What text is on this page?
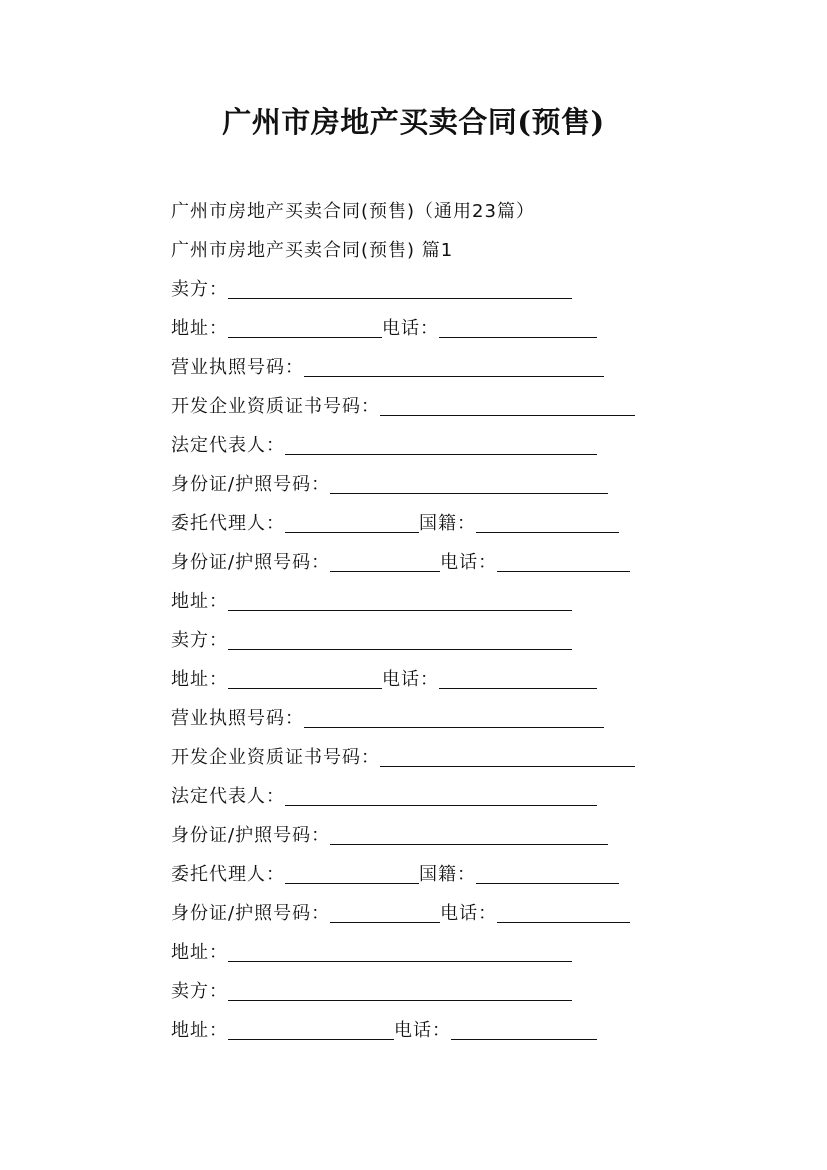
广州市房地产买卖合同(预售)
广州市房地产买卖合同(预售)（通用23篇）
广州市房地产买卖合同(预售) 篇1
卖方：
地址：	电话：
营业执照号码：
开发企业资质证书号码：
法定代表人：
身份证/护照号码：
委托代理人：	国籍：
身份证/护照号码：	电话：
地址：
卖方：
地址：	电话：
营业执照号码：
开发企业资质证书号码：
法定代表人：
身份证/护照号码：
委托代理人：	国籍：
身份证/护照号码：	电话：
地址：
卖方：
地址：	电话：
